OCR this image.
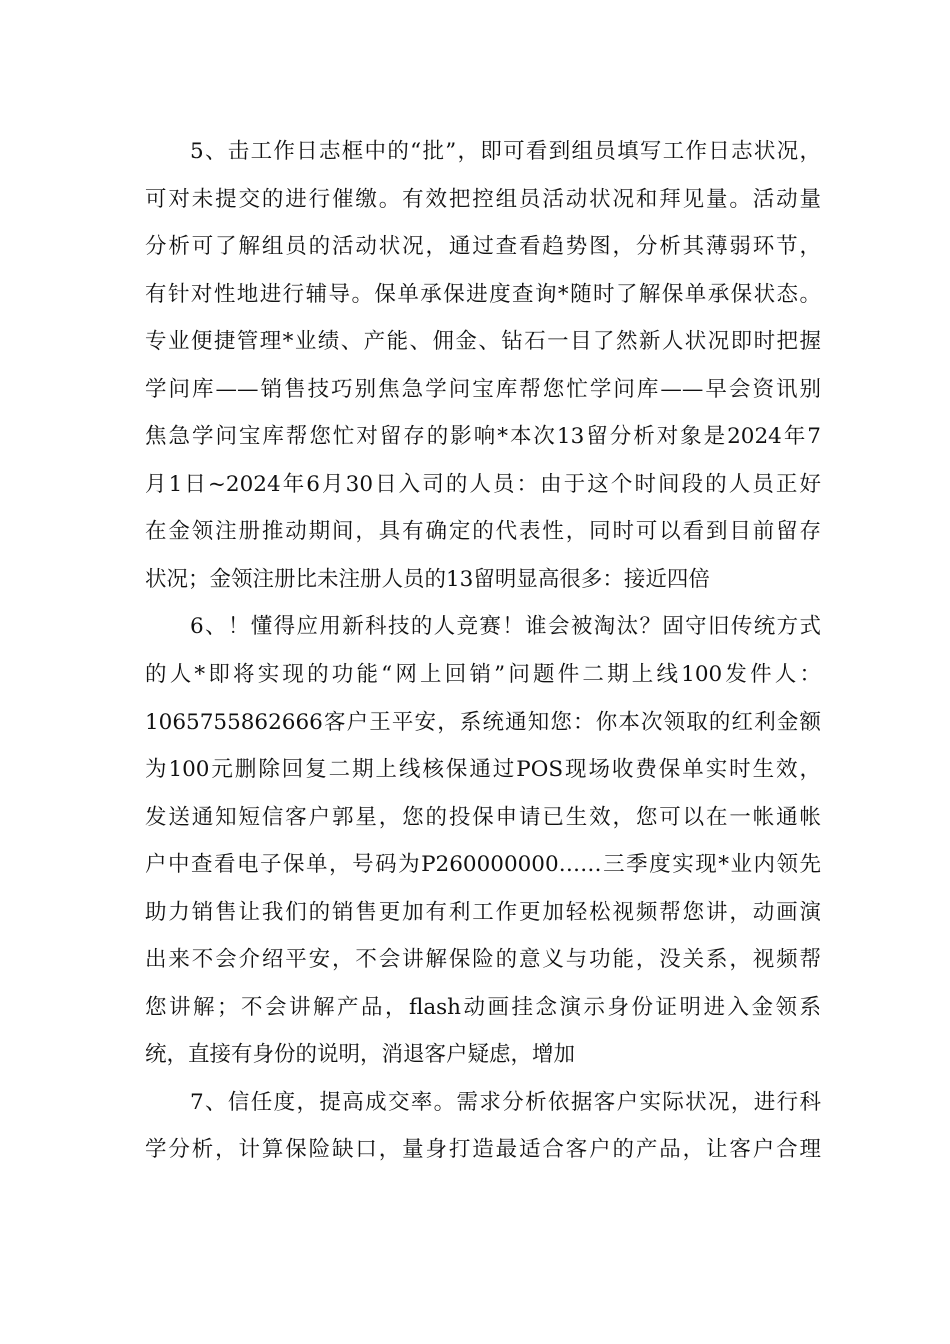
5、击工作日志框中的“批”，即可看到组员填写工作日志状况，
可对未提交的进行催缴。有效把控组员活动状况和拜见量。活动量
分析可了解组员的活动状况，通过查看趋势图，分析其薄弱环节，
有针对性地进行辅导。保单承保进度查询*随时了解保单承保状态。
专业便捷管理*业绩、产能、佣金、钻石一目了然新人状况即时把握
学问库——销售技巧别焦急学问宝库帮您忙学问库——早会资讯别
焦急学问宝库帮您忙对留存的影响*本次13留分析对象是2024年7
月1日~2024年6月30日入司的人员：由于这个时间段的人员正好
在金领注册推动期间，具有确定的代表性，同时可以看到目前留存
状况；金领注册比未注册人员的13留明显高很多：接近四倍
6、！懂得应用新科技的人竞赛！谁会被淘汰？固守旧传统方式
的人*即将实现的功能“网上回销”问题件二期上线100发件人：
1065755862666客户王平安，系统通知您：你本次领取的红利金额
为100元删除回复二期上线核保通过POS现场收费保单实时生效，
发送通知短信客户郭星，您的投保申请已生效，您可以在一帐通帐
户中查看电子保单，号码为P260000000……三季度实现*业内领先
助力销售让我们的销售更加有利工作更加轻松视频帮您讲，动画演
出来不会介绍平安，不会讲解保险的意义与功能，没关系，视频帮
您讲解；不会讲解产品，flash动画挂念演示身份证明进入金领系
统，直接有身份的说明，消退客户疑虑，增加
7、信任度，提高成交率。需求分析依据客户实际状况，进行科
学分析，计算保险缺口，量身打造最适合客户的产品，让客户合理
